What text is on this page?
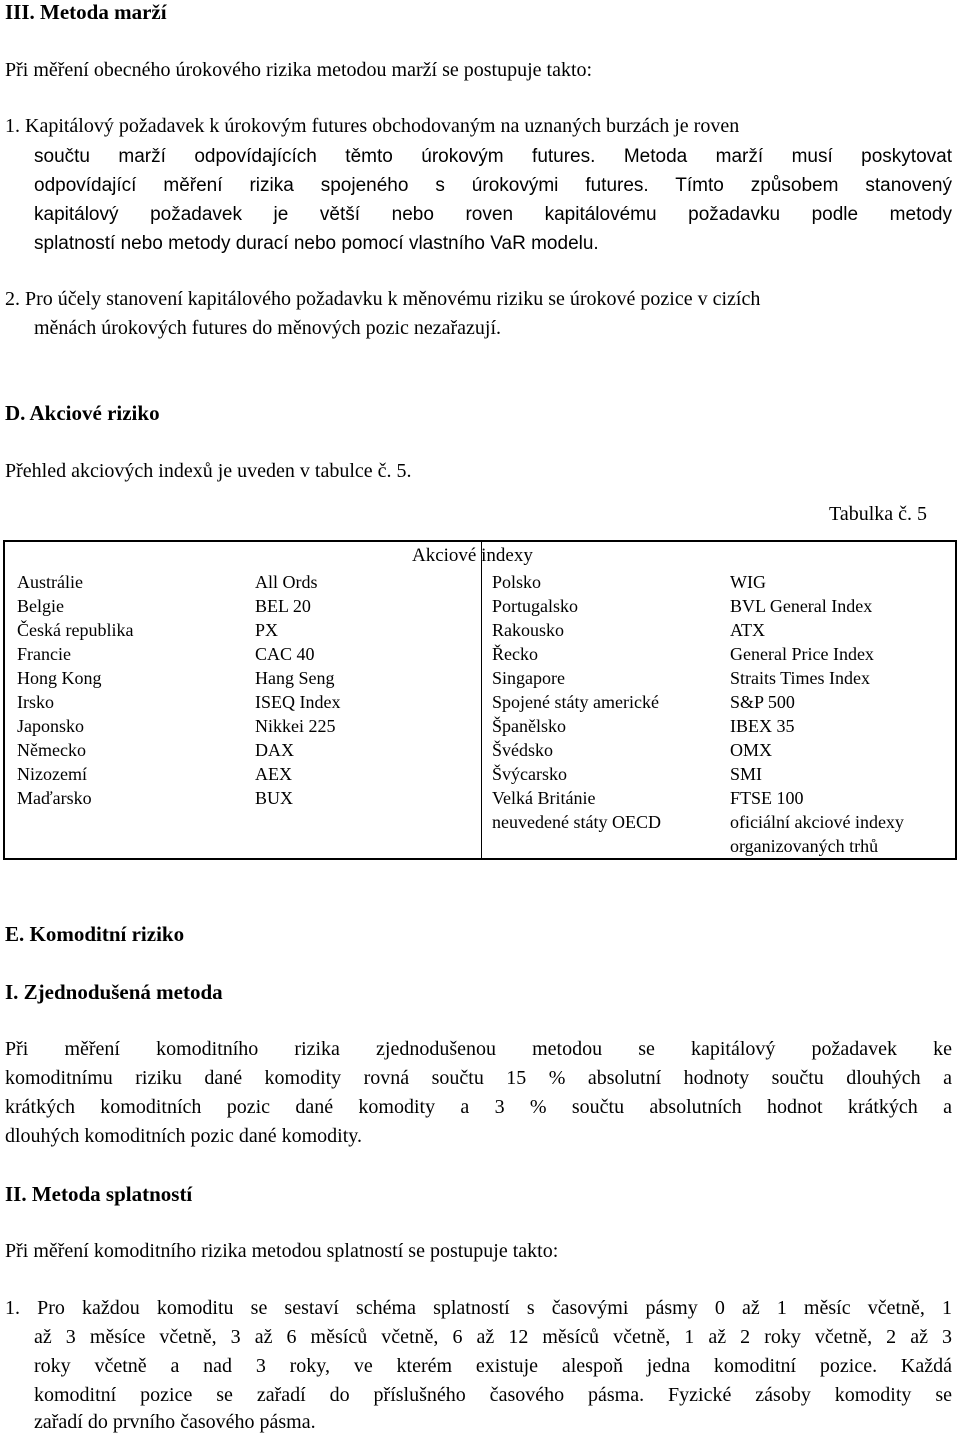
III. Metoda marží
Při měření obecného úrokového rizika metodou marží se postupuje takto:
1. Kapitálový požadavek k úrokovým futures obchodovaným na uznaných burzách je roven
součtu marží odpovídajících těmto úrokovým futures. Metoda marží musí poskytovat
odpovídající měření rizika spojeného s úrokovými futures. Tímto způsobem stanovený
kapitálový požadavek je větší nebo roven kapitálovému požadavku podle metody
splatností nebo metody durací nebo pomocí vlastního VaR modelu.
2. Pro účely stanovení kapitálového požadavku k měnovému riziku se úrokové pozice v cizích
měnách úrokových futures do měnových pozic nezařazují.
D. Akciové riziko
Přehled akciových indexů je uveden v tabulce č. 5.
Tabulka č. 5
Akciové indexy
Austrálie
Belgie
Česká republika
Francie
Hong Kong
Irsko
Japonsko
Německo
Nizozemí
Maďarsko
All Ords
BEL 20
PX
CAC 40
Hang Seng
ISEQ Index
Nikkei 225
DAX
AEX
BUX
Polsko
Portugalsko
Rakousko
Řecko
Singapore
Spojené státy americké
Španělsko
Švédsko
Švýcarsko
Velká Británie
neuvedené státy OECD
WIG
BVL General Index
ATX
General Price Index
Straits Times Index
S&P 500
IBEX 35
OMX
SMI
FTSE 100
oficiální akciové indexy
organizovaných trhů
E. Komoditní riziko
I. Zjednodušená metoda
Při měření komoditního rizika zjednodušenou metodou se kapitálový požadavek ke
komoditnímu riziku dané komodity rovná součtu 15 % absolutní hodnoty součtu dlouhých a
krátkých komoditních pozic dané komodity a 3 % součtu absolutních hodnot krátkých a
dlouhých komoditních pozic dané komodity.
II. Metoda splatností
Při měření komoditního rizika metodou splatností se postupuje takto:
1. Pro každou komoditu se sestaví schéma splatností s časovými pásmy 0 až 1 měsíc včetně, 1
až 3 měsíce včetně, 3 až 6 měsíců včetně, 6 až 12 měsíců včetně, 1 až 2 roky včetně, 2 až 3
roky včetně a nad 3 roky, ve kterém existuje alespoň jedna komoditní pozice. Každá
komoditní pozice se zařadí do příslušného časového pásma. Fyzické zásoby komodity se
zařadí do prvního časového pásma.
